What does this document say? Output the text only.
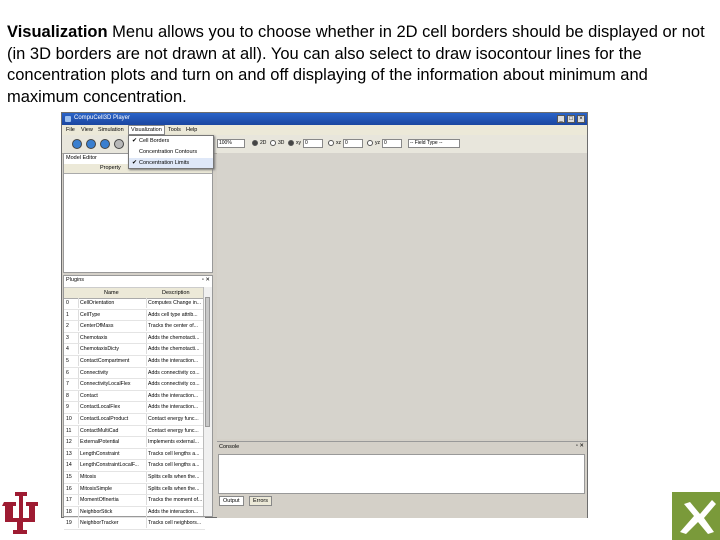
Visualization Menu allows you to choose whether in 2D cell borders should be displayed or not (in 3D borders are not drawn at all). You can also select to draw isocontour lines for the concentration plots and turn on and off displaying of the information about minimum and maximum concentration.
CompuCell3D Player	_	□	×
File View Simulation	Visualization	Tools Help
100%	2D 3D xy 0	xz 0	yz 0	-- Field Type --
✔ Cell Borders
Concentration Contours
✔ Concentration Limits
Model Editor
Property
Plugins	▫ ✕
Name	Description
0	CellOrientation	Computes Change in...
1	CellType	Adds cell type attrib...
2	CenterOfMass	Tracks the center of...
3	Chemotaxis	Adds the chemotacti...
4	ChemotaxisDicty	Adds the chemotacti...
5	ContactCompartment	Adds the interaction...
6	Connectivity	Adds connectivity co...
7	ConnectivityLocalFlex	Adds connectivity co...
8	Contact	Adds the interaction...
9	ContactLocalFlex	Adds the interaction...
10	ContactLocalProduct	Contact energy func...
11	ContactMultiCad	Contact energy func...
12	ExternalPotential	Implements external...
13	LengthConstraint	Tracks cell lengths a...
14	LengthConstraintLocalF...	Tracks cell lengths a...
15	Mitosis	Splits cells when the...
16	MitosisSimple	Splits cells when the...
17	MomentOfInertia	Tracks the moment of...
18	NeighborStick	Adds the interaction...
19	NeighborTracker	Tracks cell neighbors...
Console	▫ ✕
Output	Errors
